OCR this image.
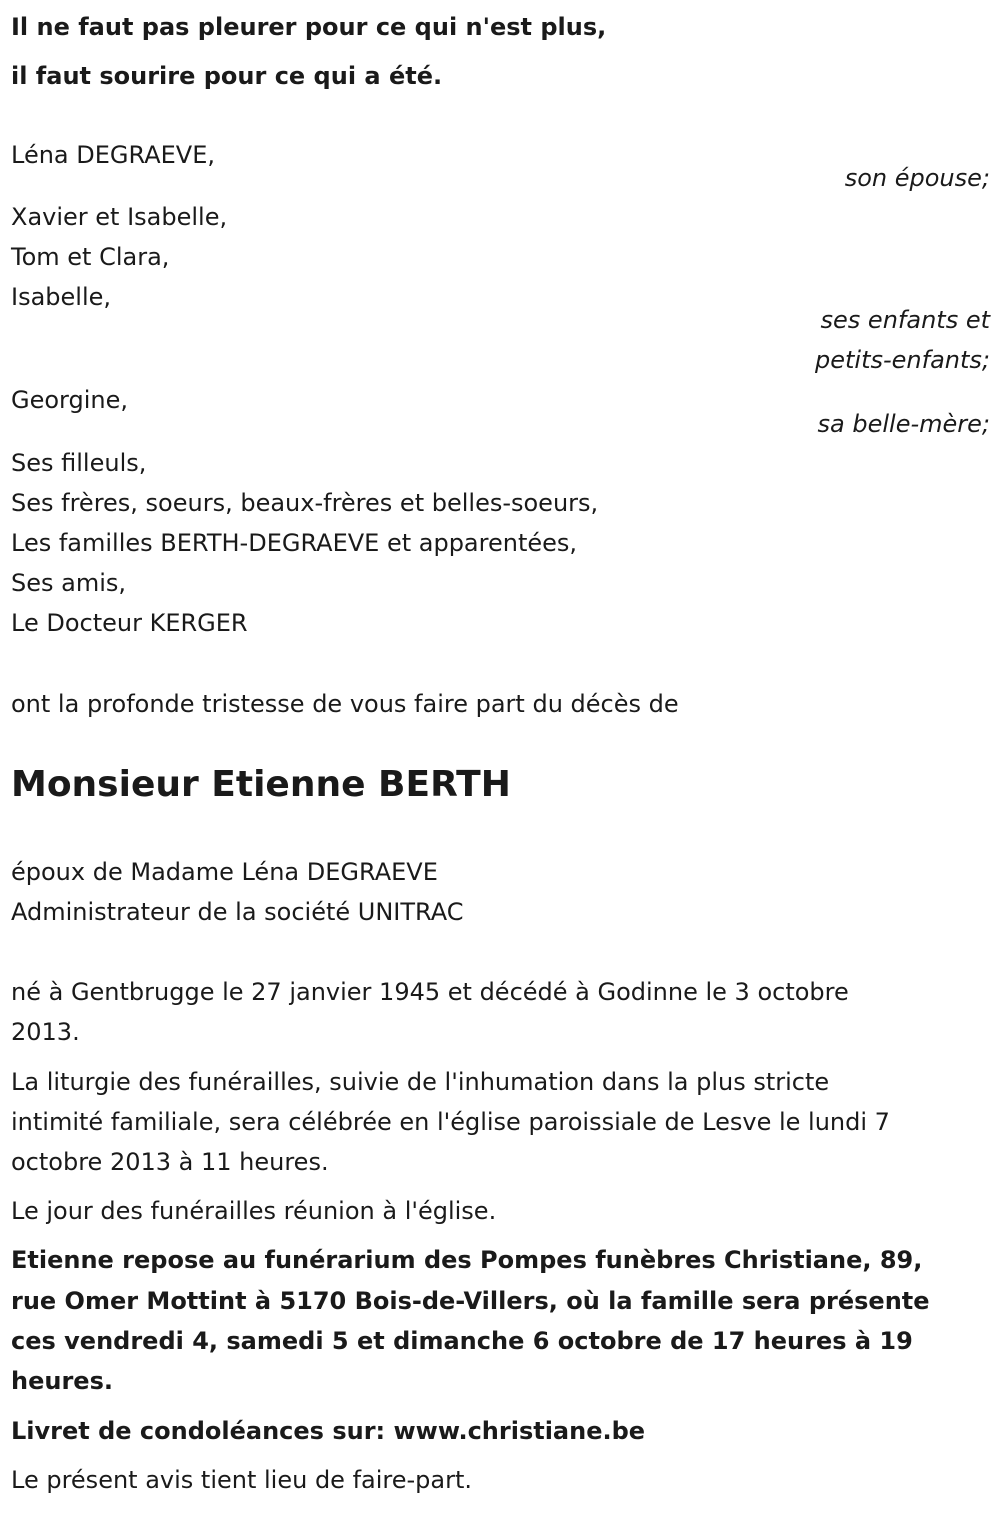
Il ne faut pas pleurer pour ce qui n'est plus,
il faut sourire pour ce qui a été.
Léna DEGRAEVE,
son épouse;
Xavier et Isabelle,
Tom et Clara,
Isabelle,
ses enfants et
petits-enfants;
Georgine,
sa belle-mère;
Ses filleuls,
Ses frères, soeurs, beaux-frères et belles-soeurs,
Les familles BERTH-DEGRAEVE et apparentées,
Ses amis,
Le Docteur KERGER
ont la profonde tristesse de vous faire part du décès de
Monsieur Etienne BERTH
époux de Madame Léna DEGRAEVE
Administrateur de la société UNITRAC
né à Gentbrugge le 27 janvier 1945 et décédé à Godinne le 3 octobre
2013.
La liturgie des funérailles, suivie de l'inhumation dans la plus stricte
intimité familiale, sera célébrée en l'église paroissiale de Lesve le lundi 7
octobre 2013 à 11 heures.
Le jour des funérailles réunion à l'église.
Etienne repose au funérarium des Pompes funèbres Christiane, 89,
rue Omer Mottint à 5170 Bois-de-Villers, où la famille sera présente
ces vendredi 4, samedi 5 et dimanche 6 octobre de 17 heures à 19
heures.
Livret de condoléances sur: www.christiane.be
Le présent avis tient lieu de faire-part.
